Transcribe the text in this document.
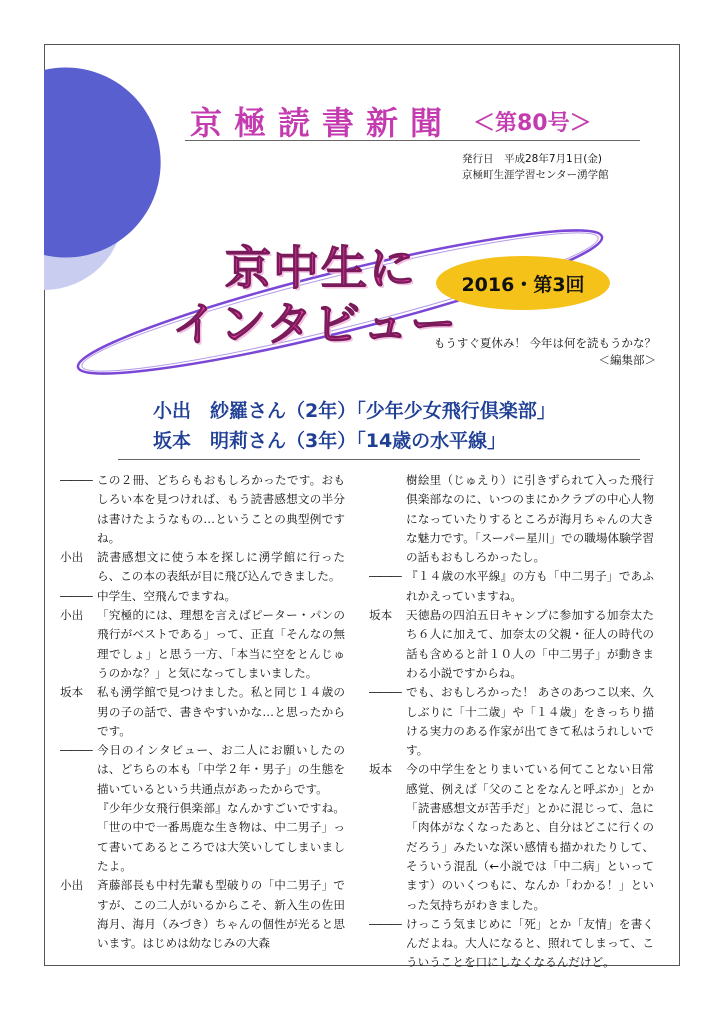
京極読書新聞 ＜第80号＞
発行日　平成28年7月1日(金)
京極町生涯学習センター湧学館
京中生に
インタビュー
2016・第3回
もうすぐ夏休み！ 今年は何を読もうかな？
＜編集部＞
小出　紗羅さん（2年）「少年少女飛行倶楽部」
坂本　明莉さん（3年）「14歳の水平線」
――― この２冊、どちらもおもしろかったです。おもしろい本を見つければ、もう読書感想文の半分は書けたようなもの…ということの典型例ですね。
小出	読書感想文に使う本を探しに湧学館に行ったら、この本の表紙が目に飛び込んできました。
――― 中学生、空飛んでますね。
小出	「究極的には、理想を言えばピーター・パンの飛行がベストである」って、正直「そんなの無理でしょ」と思う一方、「本当に空をとんじゅうのかな？」と気になってしまいました。
坂本	私も湧学館で見つけました。私と同じ１４歳の男の子の話で、書きやすいかな…と思ったからです。
――― 今日のインタビュー、お二人にお願いしたのは、どちらの本も「中学２年・男子」の生態を描いているという共通点があったからです。
『少年少女飛行倶楽部』なんかすごいですね。「世の中で一番馬鹿な生き物は、中二男子」って書いてあるところでは大笑いしてしまいましたよ。
小出	斉藤部長も中村先輩も型破りの「中二男子」ですが、この二人がいるからこそ、新入生の佐田海月、海月（みづき）ちゃんの個性が光ると思います。はじめは幼なじみの大森
樹絵里（じゅえり）に引きずられて入った飛行倶楽部なのに、いつのまにかクラブの中心人物になっていたりするところが海月ちゃんの大きな魅力です。「スーパー星川」での職場体験学習の話もおもしろかったし。
――― 『１４歳の水平線』の方も「中二男子」であふれかえっていますね。
坂本	天徳島の四泊五日キャンプに参加する加奈太たち６人に加えて、加奈太の父親・征人の時代の話も含めると計１０人の「中二男子」が動きまわる小説ですからね。
――― でも、おもしろかった！ あさのあつこ以来、久しぶりに「十二歳」や「１４歳」をきっちり描ける実力のある作家が出てきて私はうれしいです。
坂本	今の中学生をとりまいている何てことない日常感覚、例えば「父のことをなんと呼ぶか」とか「読書感想文が苦手だ」とかに混じって、急に「肉体がなくなったあと、自分はどこに行くのだろう」みたいな深い感情も描かれたりして、そういう混乱（←小説では「中二病」といってます）のいくつもに、なんか「わかる！」といった気持ちがわきました。
――― けっこう気まじめに「死」とか「友情」を書くんだよね。大人になると、照れてしまって、こういうことを口にしなくなるんだけど。
